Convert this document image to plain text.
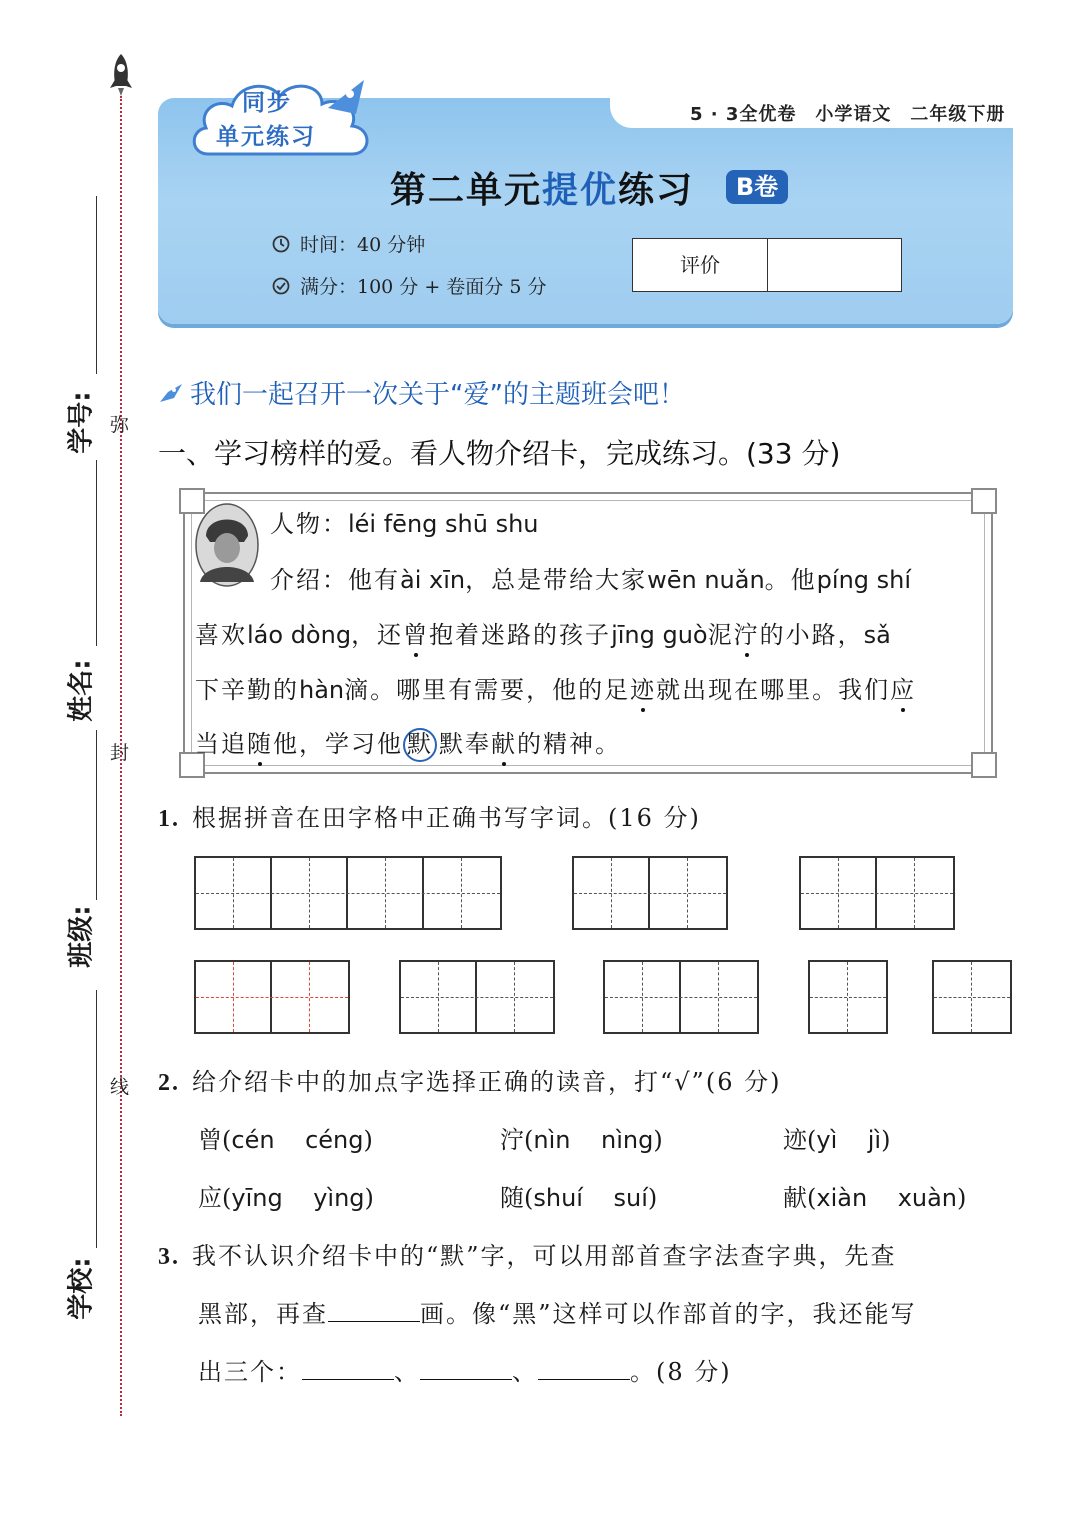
弥
封
线
学号:
姓名:
班级:
学校:
5 · 3全优卷　小学语文　二年级下册
同步
单元练习
第二单元提优练习	B卷
时间：40 分钟
满分：100 分 + 卷面分 5 分
评价
我们一起召开一次关于“爱”的主题班会吧！
一、学习榜样的爱。看人物介绍卡，完成练习。(33 分)
人物：léi fēng shū shu
介绍：他有ài xīn，总是带给大家wēn nuǎn。他píng shí
喜欢láo dòng，还曾抱着迷路的孩子jīng guò泥泞的小路，sǎ
下辛勤的hàn滴。哪里有需要，他的足迹就出现在哪里。我们应
当追随他，学习他 默 默奉献的精神。
1. 根据拼音在田字格中正确书写字词。(16 分)
2. 给介绍卡中的加点字选择正确的读音，打“√”(6 分)
曾(cén céng)	泞(nìn nìng)	迹(yì jì)
应(yīng yìng)	随(shuí suí)	献(xiàn xuàn)
3. 我不认识介绍卡中的“默”字，可以用部首查字法查字典，先查
黑部，再查	画。像“黑”这样可以作部首的字，我还能写
出三个：	、	、	。(8 分)
